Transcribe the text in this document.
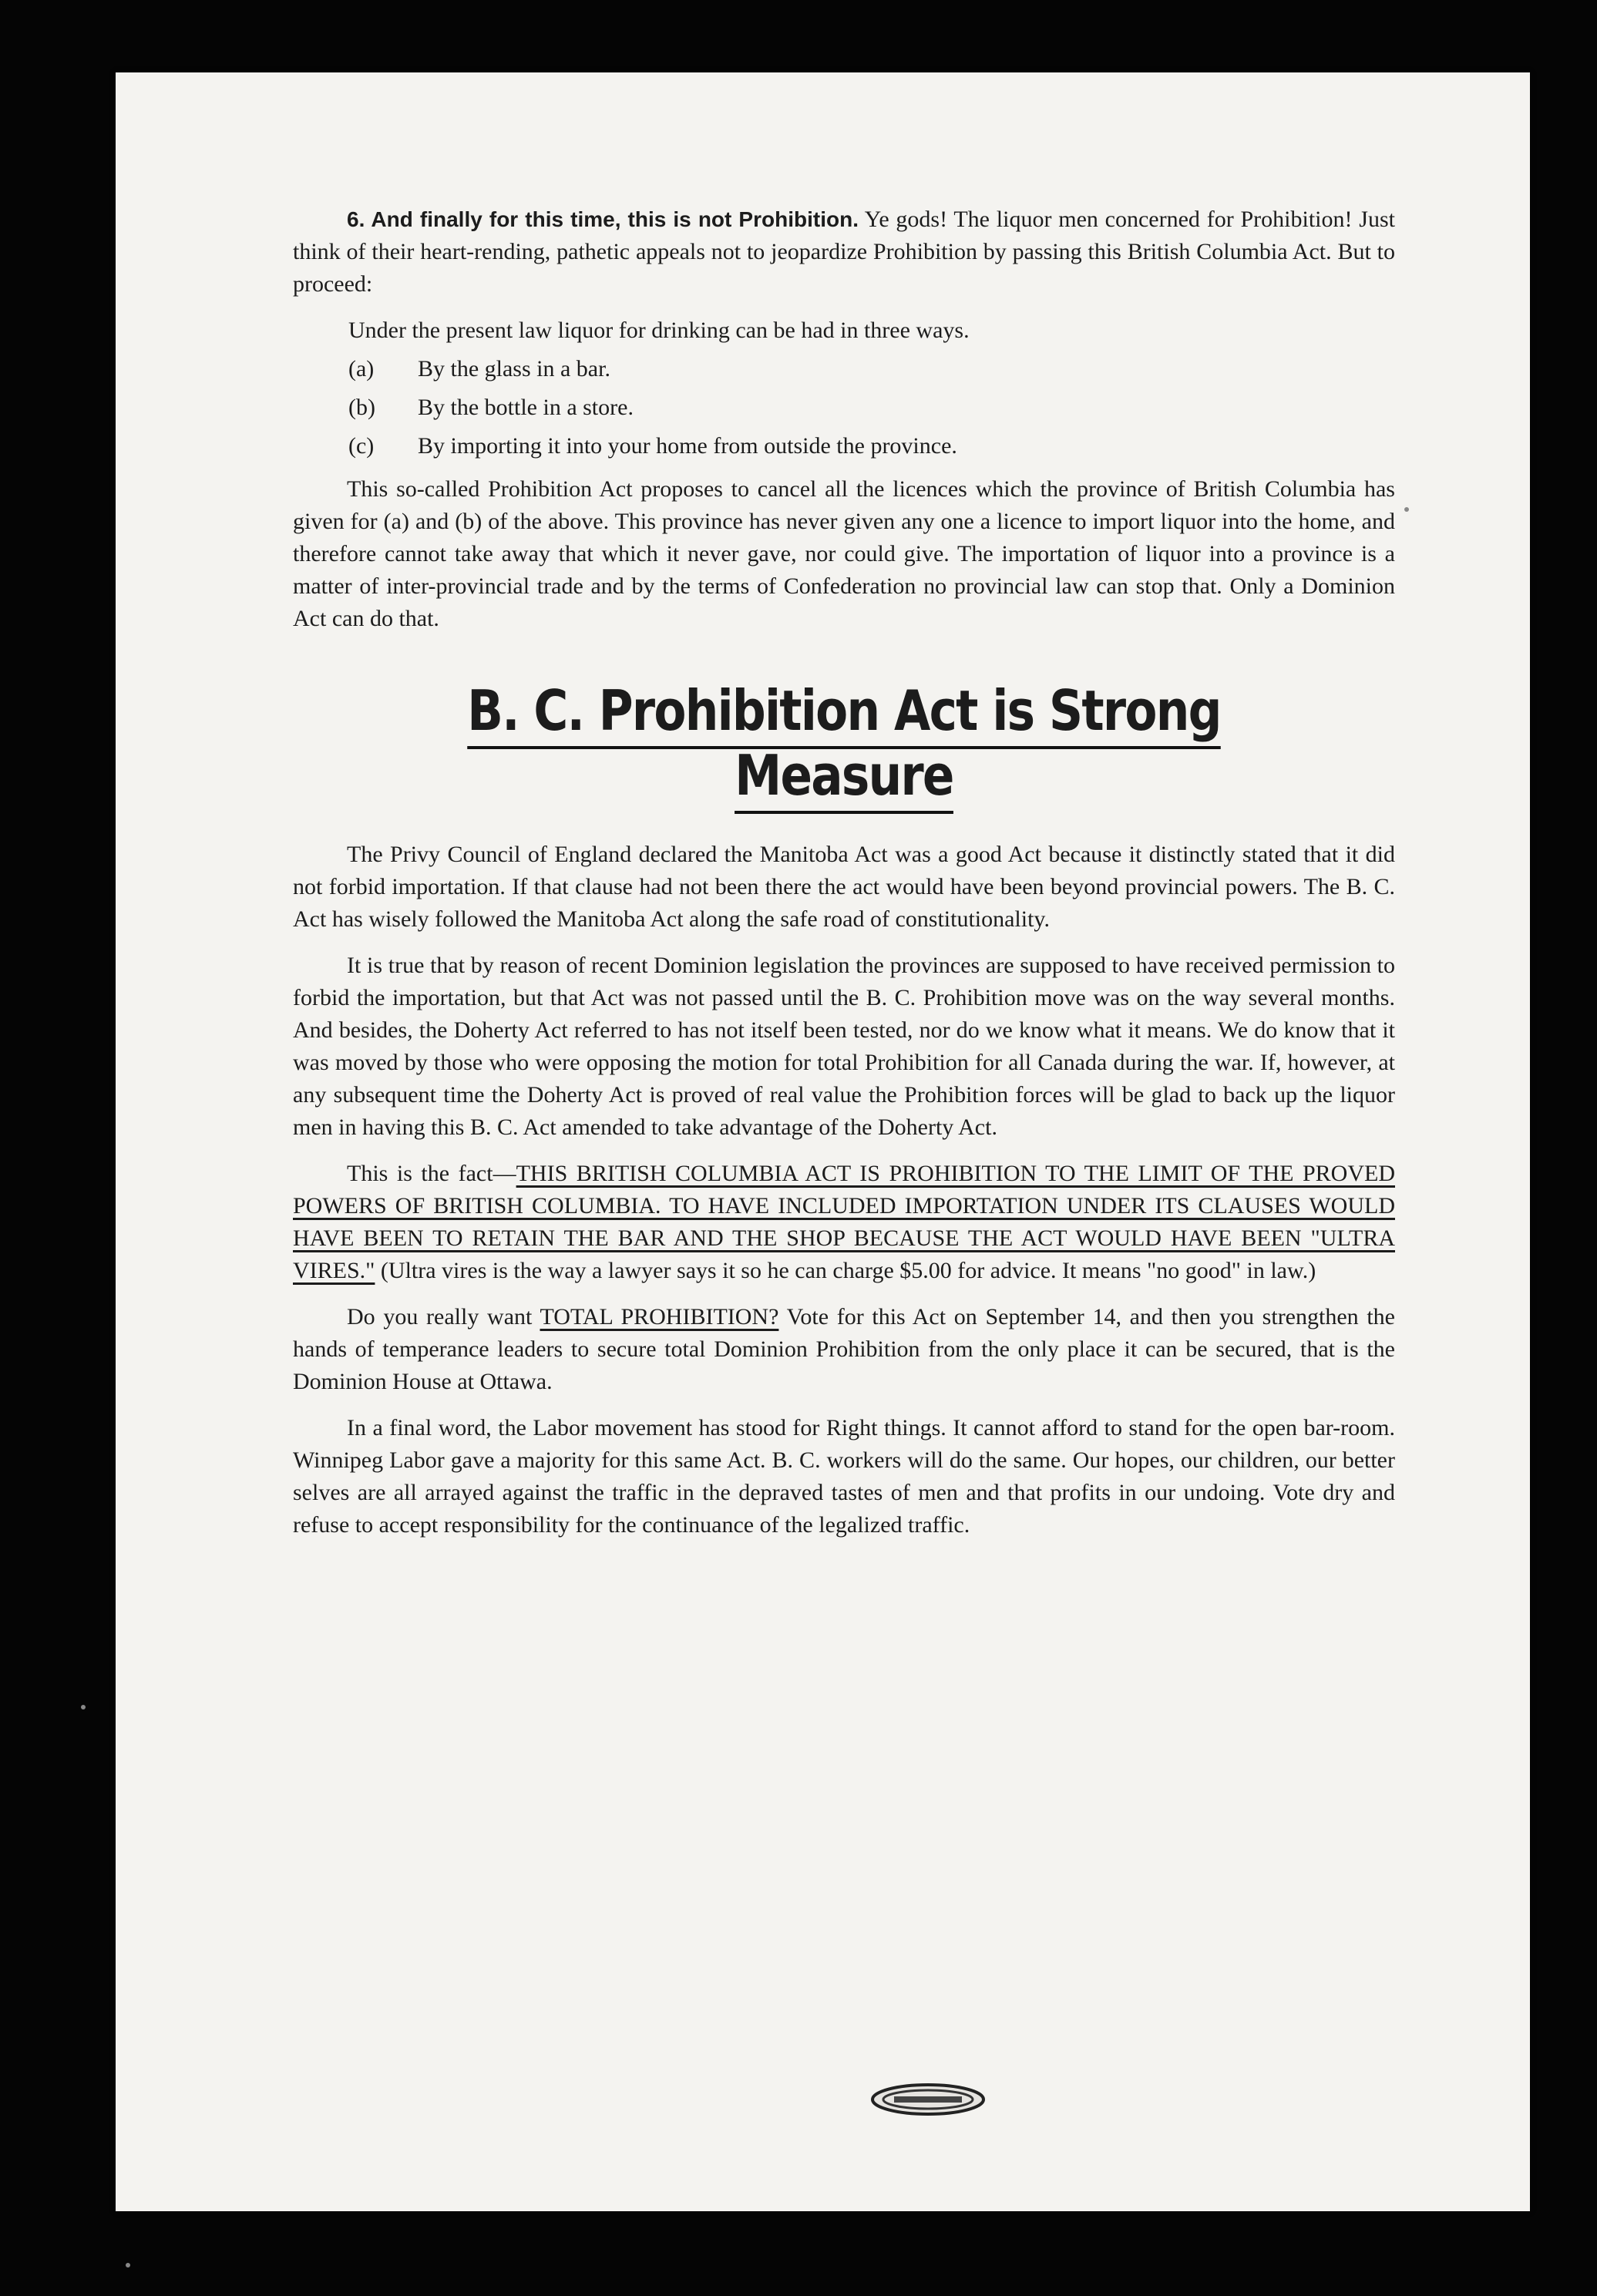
6. And finally for this time, this is not Prohibition. Ye gods! The liquor men concerned for Prohibition! Just think of their heart-rending, pathetic appeals not to jeopardize Prohibition by passing this British Columbia Act. But to proceed:

Under the present law liquor for drinking can be had in three ways.

(a)	By the glass in a bar.
(b)	By the bottle in a store.
(c)	By importing it into your home from outside the province.

This so-called Prohibition Act proposes to cancel all the licences which the province of British Columbia has given for (a) and (b) of the above. This province has never given any one a licence to import liquor into the home, and therefore cannot take away that which it never gave, nor could give. The importation of liquor into a province is a matter of inter-provincial trade and by the terms of Confederation no provincial law can stop that. Only a Dominion Act can do that.

B. C. Prohibition Act is Strong Measure

The Privy Council of England declared the Manitoba Act was a good Act because it distinctly stated that it did not forbid importation. If that clause had not been there the act would have been beyond provincial powers. The B. C. Act has wisely followed the Manitoba Act along the safe road of constitutionality.

It is true that by reason of recent Dominion legislation the provinces are supposed to have received permission to forbid the importation, but that Act was not passed until the B. C. Prohibition move was on the way several months. And besides, the Doherty Act referred to has not itself been tested, nor do we know what it means. We do know that it was moved by those who were opposing the motion for total Prohibition for all Canada during the war. If, however, at any subsequent time the Doherty Act is proved of real value the Prohibition forces will be glad to back up the liquor men in having this B. C. Act amended to take advantage of the Doherty Act.

This is the fact—THIS BRITISH COLUMBIA ACT IS PROHIBITION TO THE LIMIT OF THE PROVED POWERS OF BRITISH COLUMBIA. TO HAVE INCLUDED IMPORTATION UNDER ITS CLAUSES WOULD HAVE BEEN TO RETAIN THE BAR AND THE SHOP BECAUSE THE ACT WOULD HAVE BEEN "ULTRA VIRES." (Ultra vires is the way a lawyer says it so he can charge $5.00 for advice. It means "no good" in law.)

Do you really want TOTAL PROHIBITION? Vote for this Act on September 14, and then you strengthen the hands of temperance leaders to secure total Dominion Prohibition from the only place it can be secured, that is the Dominion House at Ottawa.

In a final word, the Labor movement has stood for Right things. It cannot afford to stand for the open bar-room. Winnipeg Labor gave a majority for this same Act. B. C. workers will do the same. Our hopes, our children, our better selves are all arrayed against the traffic in the depraved tastes of men and that profits in our undoing. Vote dry and refuse to accept responsibility for the continuance of the legalized traffic.
